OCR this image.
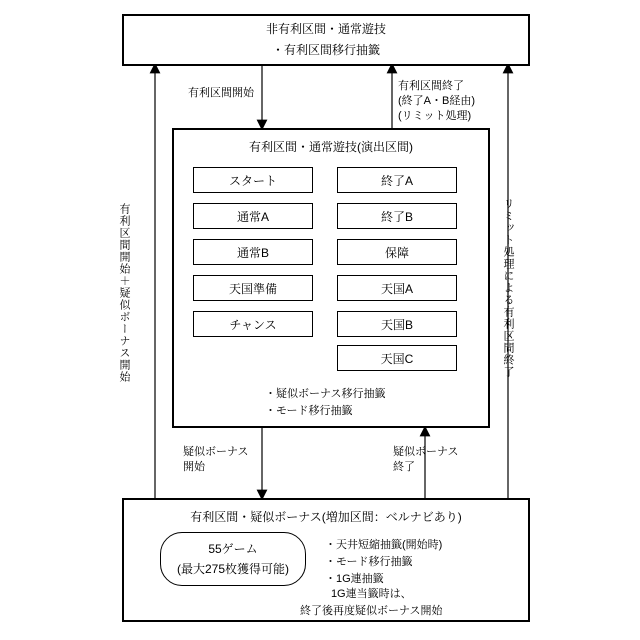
非有利区間・通常遊技
・有利区間移行抽籤
有利区間・通常遊技(演出区間)
スタート
通常A
通常B
天国準備
チャンス
終了A
終了B
保障
天国A
天国B
天国C
・疑似ボーナス移行抽籤
・モード移行抽籤
有利区間・疑似ボーナス(増加区間：ベルナビあり)
55ゲーム
(最大275枚獲得可能)
・天井短縮抽籤(開始時)
・モード移行抽籤
・1G連抽籤
1G連当籤時は、
終了後再度疑似ボーナス開始
有利区間開始
有利区間終了
(終了A・B経由)
(リミット処理)
疑似ボーナス
開始
疑似ボーナス
終了
有利区間開始＋疑似ボーナス開始	リミット処理による有利区間終了
